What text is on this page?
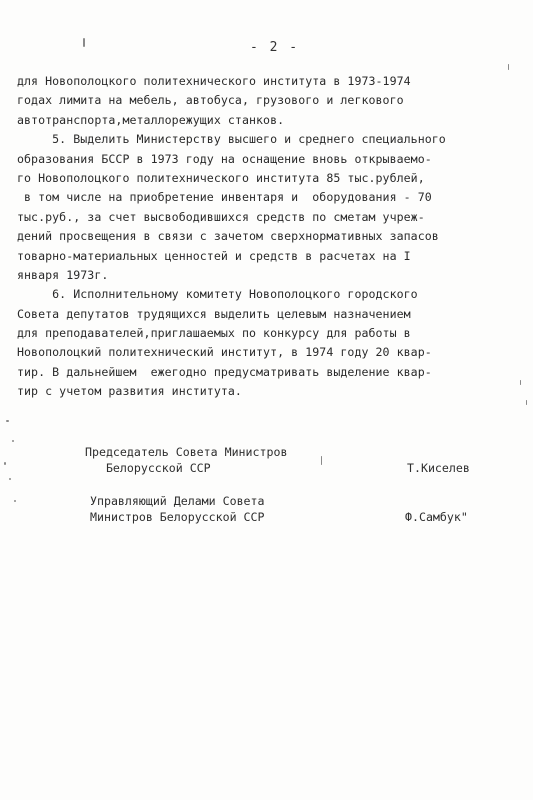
- 2 -
для Новополоцкого политехнического института в 1973-1974
годах лимита на мебель, автобуса, грузового и легкового
автотранспорта,металлорежущих станков.
5. Выделить Министерству высшего и среднего специального
образования БССР в 1973 году на оснащение вновь открываемо-
го Новополоцкого политехнического института 85 тыс.рублей,
в том числе на приобретение инвентаря и  оборудования - 70
тыс.руб., за счет высвободившихся средств по сметам учреж-
дений просвещения в связи с зачетом сверхнормативных запасов
товарно-материальных ценностей и средств в расчетах на I
января 1973г.
6. Исполнительному комитету Новополоцкого городского
Совета депутатов трудящихся выделить целевым назначением
для преподавателей,приглашаемых по конкурсу для работы в
Новополоцкий политехнический институт, в 1974 году 20 квар-
тир. В дальнейшем  ежегодно предусматривать выделение квар-
тир с учетом развития института.
Председатель Совета Министров
Белорусской ССР	Т.Киселев
Управляющий Делами Совета
Министров Белорусской ССР	Ф.Самбук"
